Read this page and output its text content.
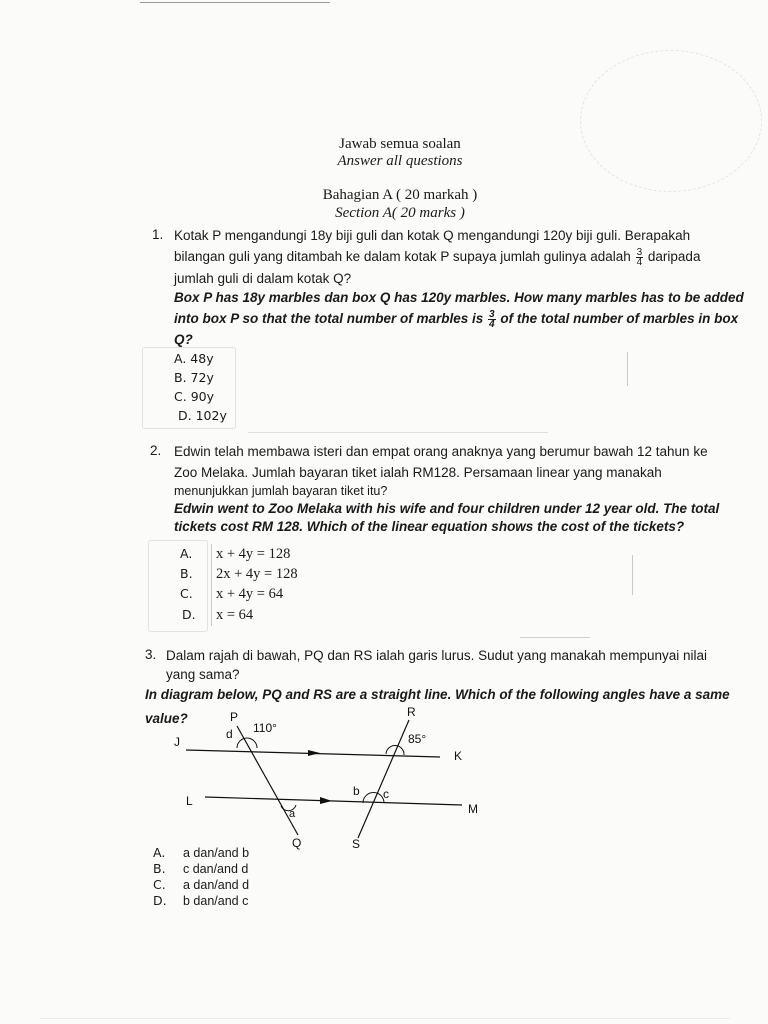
Jawab semua soalan
Answer all questions
Bahagian A ( 20 markah )
Section A( 20 marks )
1. Kotak P mengandungi 18y biji guli dan kotak Q mengandungi 120y biji guli. Berapakah
bilangan guli yang ditambah ke dalam kotak P supaya jumlah gulinya adalah $\frac{3}{4}$ daripada
jumlah guli di dalam kotak Q?
Box P has 18y marbles dan box Q has 120y marbles. How many marbles has to be added
into box P so that the total number of marbles is $\frac{3}{4}$ of the total number of marbles in box
Q?
A. 48y
B. 72y
C. 90y
D. 102y
2. Edwin telah membawa isteri dan empat orang anaknya yang berumur bawah 12 tahun ke
Zoo Melaka. Jumlah bayaran tiket ialah RM128. Persamaan linear yang manakah
menunjukkan jumlah bayaran tiket itu?
Edwin went to Zoo Melaka with his wife and four children under 12 year old. The total
tickets cost RM 128. Which of the linear equation shows the cost of the tickets?
A. x + 4y = 128
B. 2x + 4y = 128
C. x + 4y = 64
D. x = 64
3. Dalam rajah di bawah, PQ dan RS ialah garis lurus. Sudut yang manakah mempunyai nilai
yang sama?
In diagram below, PQ and RS are a straight line. Which of the following angles have a same
value?	P
d 110°
J
R
85°
K
L
b c
a	M
Q	S
A. a dan/and b
B. c dan/and d
C. a dan/and d
D. b dan/and c
